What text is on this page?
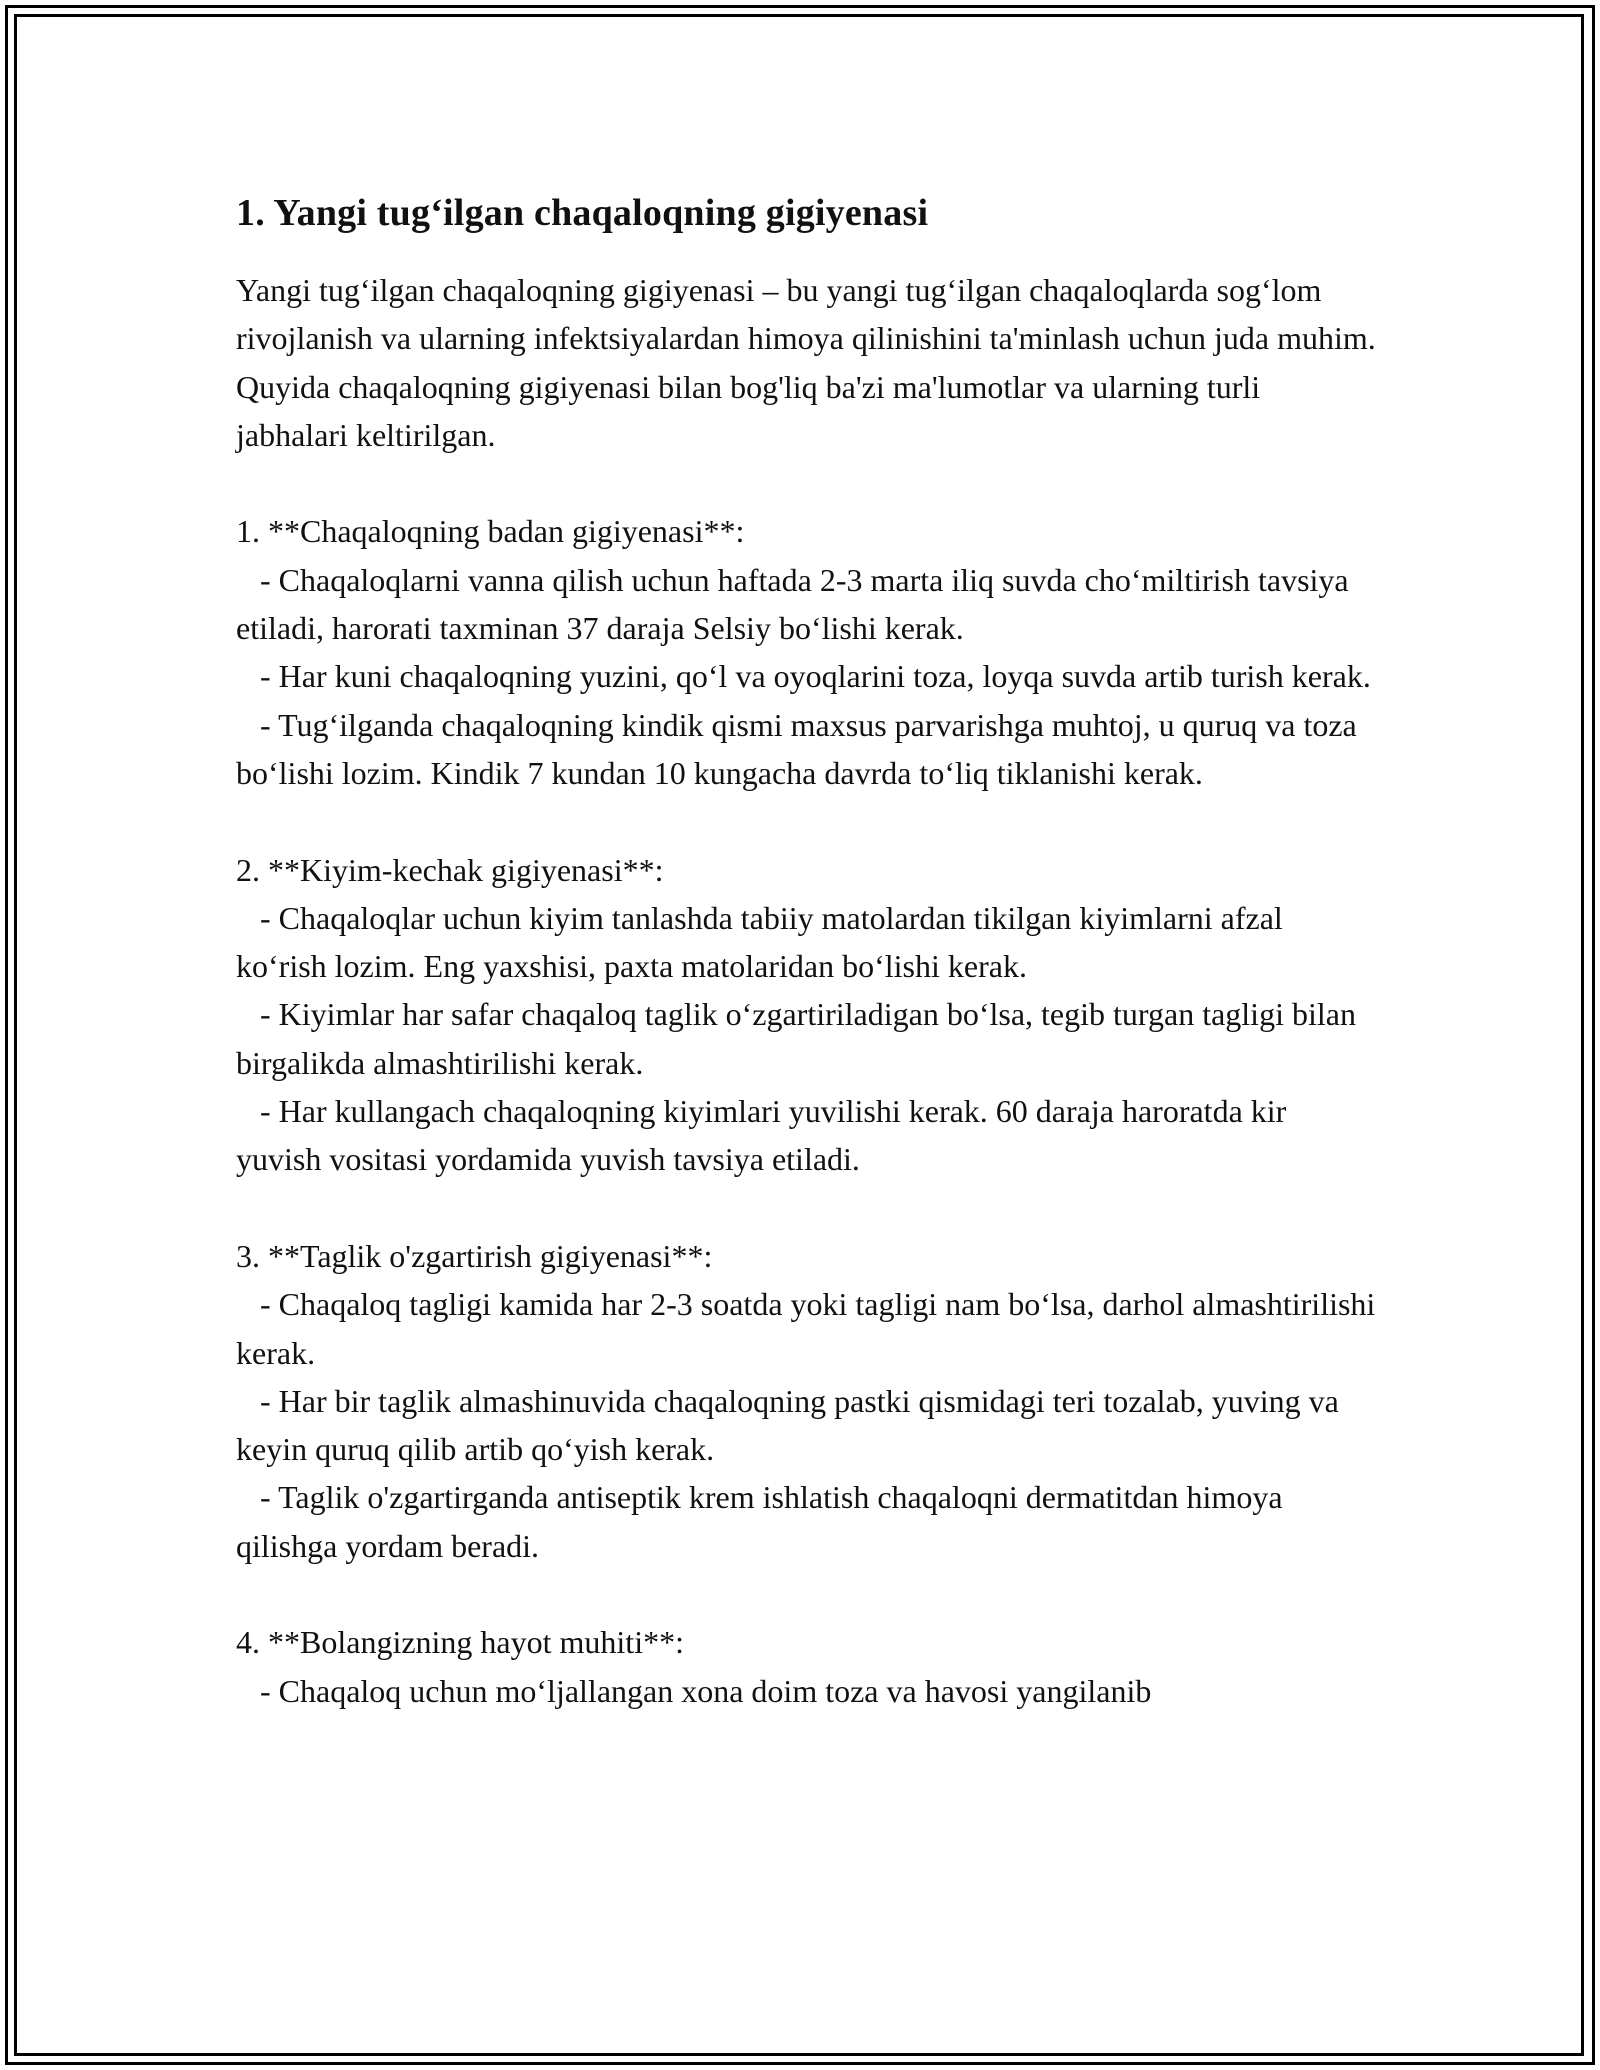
1. Yangi tug‘ilgan chaqaloqning gigiyenasi

Yangi tug‘ilgan chaqaloqning gigiyenasi – bu yangi tug‘ilgan chaqaloqlarda sog‘lom rivojlanish va ularning infektsiyalardan himoya qilinishini ta'minlash uchun juda muhim. Quyida chaqaloqning gigiyenasi bilan bog'liq ba'zi ma'lumotlar va ularning turli jabhalari keltirilgan.

1. **Chaqaloqning badan gigiyenasi**:

- Chaqaloqlarni vanna qilish uchun haftada 2-3 marta iliq suvda cho‘miltirish tavsiya etiladi, harorati taxminan 37 daraja Selsiy bo‘lishi kerak.

- Har kuni chaqaloqning yuzini, qo‘l va oyoqlarini toza, loyqa suvda artib turish kerak.

- Tug‘ilganda chaqaloqning kindik qismi maxsus parvarishga muhtoj, u quruq va toza bo‘lishi lozim. Kindik 7 kundan 10 kungacha davrda to‘liq tiklanishi kerak.

2. **Kiyim-kechak gigiyenasi**:

- Chaqaloqlar uchun kiyim tanlashda tabiiy matolardan tikilgan kiyimlarni afzal ko‘rish lozim. Eng yaxshisi, paxta matolaridan bo‘lishi kerak.

- Kiyimlar har safar chaqaloq taglik o‘zgartiriladigan bo‘lsa, tegib turgan tagligi bilan birgalikda almashtirilishi kerak.

- Har kullangach chaqaloqning kiyimlari yuvilishi kerak. 60 daraja haroratda kir yuvish vositasi yordamida yuvish tavsiya etiladi.

3. **Taglik o'zgartirish gigiyenasi**:

- Chaqaloq tagligi kamida har 2-3 soatda yoki tagligi nam bo‘lsa, darhol almashtirilishi kerak.

- Har bir taglik almashinuvida chaqaloqning pastki qismidagi teri tozalab, yuving va keyin quruq qilib artib qo‘yish kerak.

- Taglik o'zgartirganda antiseptik krem ishlatish chaqaloqni dermatitdan himoya qilishga yordam beradi.

4. **Bolangizning hayot muhiti**:

- Chaqaloq uchun mo‘ljallangan xona doim toza va havosi yangilanib
